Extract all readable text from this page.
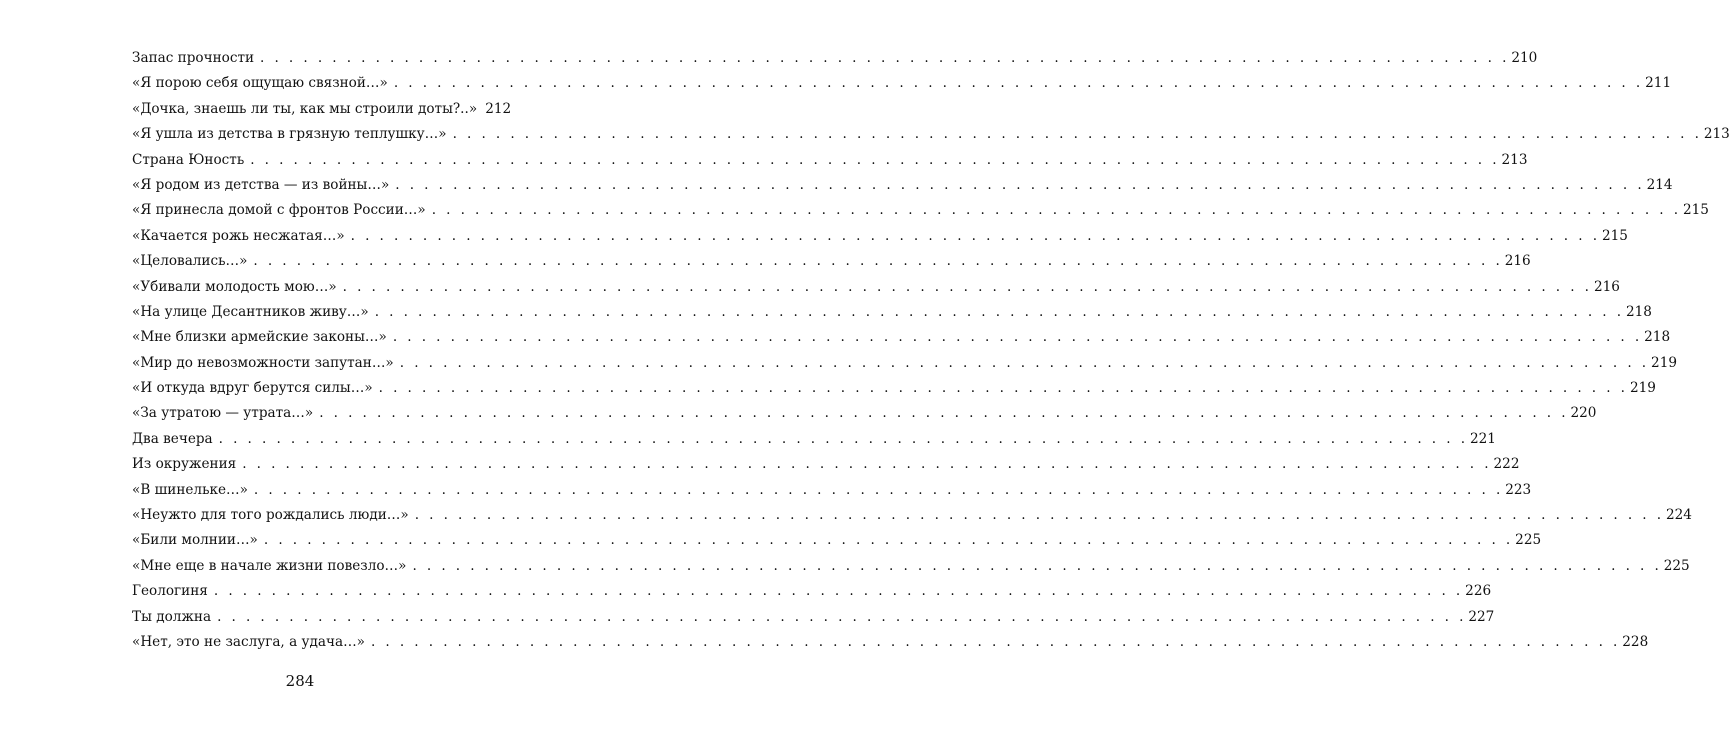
Запас прочности . . .	210
«Я порою себя ощущаю связной…» . . .	211
«Дочка, знаешь ли ты, как мы строили доты?..» 212
«Я ушла из детства в грязную теплушку…» . . .	213
Страна Юность . . .	213
«Я родом из детства — из войны…» . . .	214
«Я принесла домой с фронтов России…» . . .	215
«Качается рожь несжатая…» . . .	215
«Целовались…» . . .	216
«Убивали молодость мою…» . . .	216
«На улице Десантников живу…» . . .	218
«Мне близки армейские законы…» . . .	218
«Мир до невозможности запутан…» . . .	219
«И откуда вдруг берутся силы…» . . .	219
«За утратою — утрата…» . . .	220
Два вечера . . .	221
Из окружения . . .	222
«В шинельке…» . . .	223
«Неужто для того рождались люди…» . . .	224
«Били молнии…» . . .	225
«Мне еще в начале жизни повезло…» . . .	225
Геологиня . . .	226
Ты должна . . .	227
«Нет, это не заслуга, а удача…» . . .	228
284
